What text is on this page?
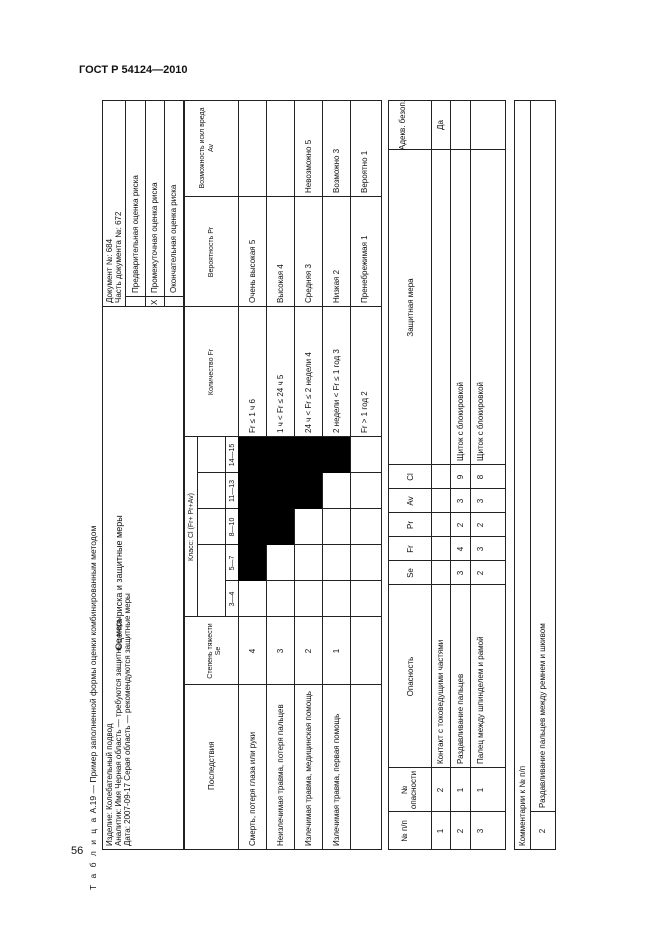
ГОСТ Р 54124—2010
56 Т а б л и ц а А.19 — Пример заполненной формы оценки комбинированным методом Изделие: Колебательный подвод Аналитик: Имя Черная область — требуются защитные меры Дата: 2007-09-17 Серая область — рекомендуются защитные меры
Оценка риска и защитные меры
Документ №: 684 Часть документа №: 672	X
Предварительная оценка риска Промежуточная оценка риска Окончательная оценка риска
Последствия
Степень тяжести Se
Класс: Cl (Fr+ Pr+Av)
3—4
5—7
8—10
11—13
14—15
Количество Fr
Вероятность Pr
Возможность искл вреда Av
Смерть, потеря глаза или руки Неизлечимая травма, потеря пальцев Излечимая травма, медицинская помощь Излечимая травма, первая помощь
4 3 2 1
Fr ≤ 1 ч 6 1 ч < Fr ≤ 24 ч 5 24 ч < Fr ≤ 2 недели 4 2 недели < Fr ≤ 1 год 3 Fr > 1 год 2
Очень высокая 5 Высокая 4 Средняя 3 Низкая 2 Пренебрежимая 1
Невозможно 5 Возможно 3 Вероятно 1
№ п/п
№ опасности
Опасность
Se
Fr
Pr
Av
Cl
Защитная мера
Адекв. безоп.
1
2
Контакт с токоведущими частями
Да
2
1
Раздавливание пальцев
3
4
2
3
9
Щиток с блокировкой
3
1
Палец между шпинделем и рамой
2
3
2
3
8
Щиток с блокировкой
Комментарии к № п/п 2
Раздавливание пальцев между ремнем и шкивом
